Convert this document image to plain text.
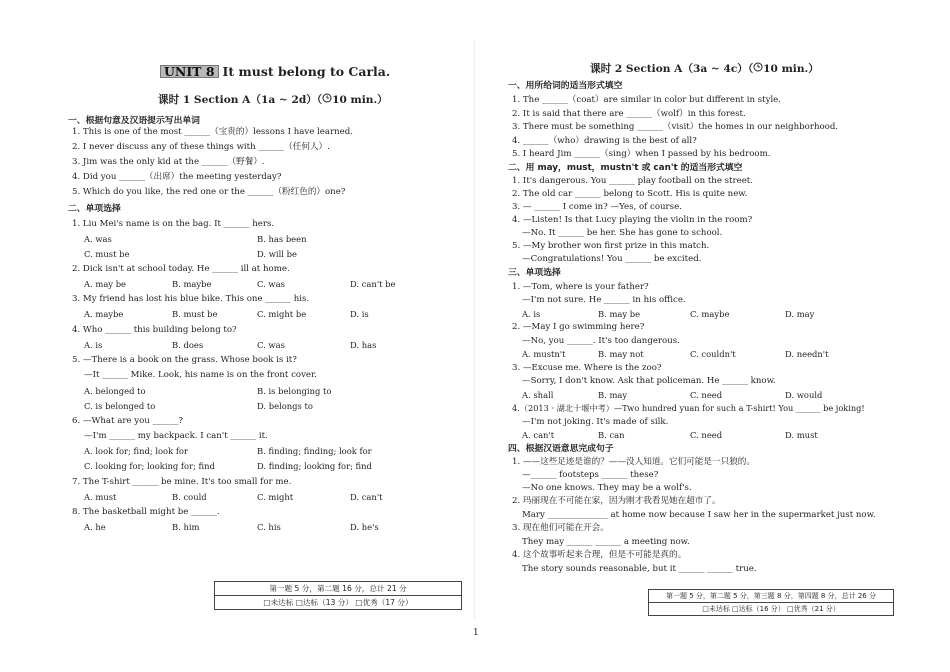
UNIT 8 It must belong to Carla.
课时 1 Section A（1a ~ 2d）（ 10 min.）
一、根据句意及汉语提示写出单词
1. This is one of the most ______（宝贵的）lessons I have learned.
2. I never discuss any of these things with ______（任何人）.
3. Jim was the only kid at the ______（野餐）.
4. Did you ______（出席）the meeting yesterday?
5. Which do you like, the red one or the ______（粉红色的）one?
二、单项选择
1. Liu Mei's name is on the bag. It ______ hers.
A. was	B. has been
C. must be	D. will be
2. Dick isn't at school today. He ______ ill at home.
A. may be	B. maybe	C. was	D. can't be
3. My friend has lost his blue bike. This one ______ his.
A. maybe	B. must be	C. might be	D. is
4. Who ______ this building belong to?
A. is	B. does	C. was	D. has
5. —There is a book on the grass. Whose book is it?
—It ______ Mike. Look, his name is on the front cover.
A. belonged to	B. is belonging to
C. is belonged to	D. belongs to
6. —What are you ______?
—I'm ______ my backpack. I can't ______ it.
A. look for; find; look for	B. finding; finding; look for
C. looking for; looking for; find	D. finding; looking for; find
7. The T-shirt ______ be mine. It's too small for me.
A. must	B. could	C. might	D. can't
8. The basketball might be ______.
A. he	B. him	C. his	D. he's
第一题 5 分，第二题 16 分，总计 21 分
□未达标 □达标（13 分） □优秀（17 分）
课时 2 Section A（3a ~ 4c）（ 10 min.）
一、用所给词的适当形式填空
1. The ______（coat）are similar in color but different in style.
2. It is said that there are ______（wolf）in this forest.
3. There must be something ______（visit）the homes in our neighborhood.
4. ______（who）drawing is the best of all?
5. I heard Jim ______（sing）when I passed by his bedroom.
二、用 may，must，mustn't 或 can't 的适当形式填空
1. It's dangerous. You ______ play football on the street.
2. The old car ______ belong to Scott. His is quite new.
3. — ______ I come in? —Yes, of course.
4. —Listen! Is that Lucy playing the violin in the room?
—No. It ______ be her. She has gone to school.
5. —My brother won first prize in this match.
—Congratulations! You ______ be excited.
三、单项选择
1. —Tom, where is your father?
—I'm not sure. He ______ in his office.
A. is	B. may be	C. maybe	D. may
2. —May I go swimming here?
—No, you ______. It's too dangerous.
A. mustn't	B. may not	C. couldn't	D. needn't
3. —Excuse me. Where is the zoo?
—Sorry, I don't know. Ask that policeman. He ______ know.
A. shall	B. may	C. need	D. would
4.（2013 · 湖北十堰中考）—Two hundred yuan for such a T-shirt! You ______ be joking!
—I'm not joking. It's made of silk.
A. can't	B. can	C. need	D. must
四、根据汉语意思完成句子
1. ——这些足迹是谁的？——没人知道。它们可能是一只狼的。
—______ footsteps ______ these?
—No one knows. They may be a wolf's.
2. 玛丽现在不可能在家，因为刚才我看见她在超市了。
Mary ______________ at home now because I saw her in the supermarket just now.
3. 现在他们可能在开会。
They may ______ ______ a meeting now.
4. 这个故事听起来合理，但是不可能是真的。
The story sounds reasonable, but it ______ ______ true.
第一题 5 分，第二题 5 分，第三题 8 分，第四题 8 分，总计 26 分
□未达标 □达标（16 分） □优秀（21 分）
1
